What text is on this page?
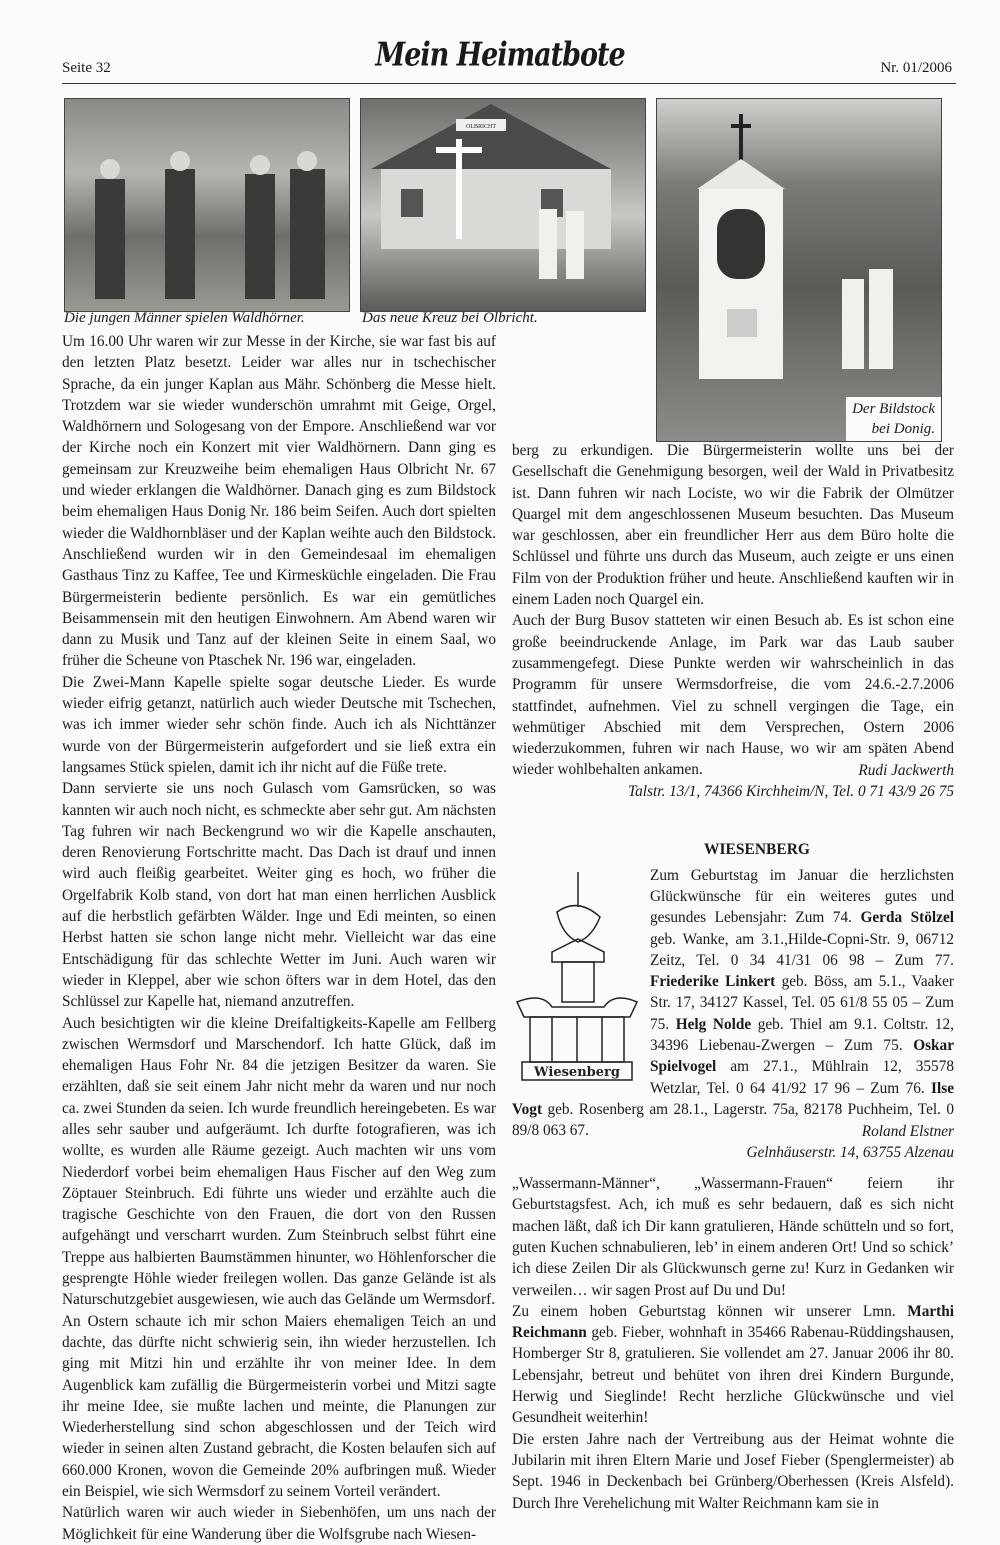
Seite 32	Mein Heimatbote	Nr. 01/2006
Die jungen Männer spielen Waldhörner.
OLBRICHT
Das neue Kreuz bei Olbricht.
Der Bildstock
bei Donig.

Um 16.00 Uhr waren wir zur Messe in der Kirche, sie war fast bis auf den letzten Platz besetzt. Leider war alles nur in tschechischer Sprache, da ein junger Kaplan aus Mähr. Schönberg die Messe hielt. Trotzdem war sie wieder wunderschön umrahmt mit Geige, Orgel, Waldhörnern und Sologesang von der Empore. Anschließend war vor der Kirche noch ein Konzert mit vier Waldhörnern. Dann ging es gemeinsam zur Kreuzweihe beim ehemaligen Haus Olbricht Nr. 67 und wieder erklangen die Waldhörner. Danach ging es zum Bildstock beim ehemaligen Haus Donig Nr. 186 beim Seifen. Auch dort spielten wieder die Waldhornbläser und der Kaplan weihte auch den Bildstock. Anschließend wurden wir in den Gemeindesaal im ehemaligen Gasthaus Tinz zu Kaffee, Tee und Kirmesküchle eingeladen. Die Frau Bürgermeisterin bediente persönlich. Es war ein gemütliches Beisammensein mit den heutigen Einwohnern. Am Abend waren wir dann zu Musik und Tanz auf der kleinen Seite in einem Saal, wo früher die Scheune von Ptaschek Nr. 196 war, eingeladen.

Die Zwei-Mann Kapelle spielte sogar deutsche Lieder. Es wurde wieder eifrig getanzt, natürlich auch wieder Deutsche mit Tschechen, was ich immer wieder sehr schön finde. Auch ich als Nichttänzer wurde von der Bürgermeisterin aufgefordert und sie ließ extra ein langsames Stück spielen, damit ich ihr nicht auf die Füße trete.

Dann servierte sie uns noch Gulasch vom Gamsrücken, so was kannten wir auch noch nicht, es schmeckte aber sehr gut. Am nächsten Tag fuhren wir nach Beckengrund wo wir die Kapelle anschauten, deren Renovierung Fortschritte macht. Das Dach ist drauf und innen wird auch fleißig gearbeitet. Weiter ging es hoch, wo früher die Orgelfabrik Kolb stand, von dort hat man einen herrlichen Ausblick auf die herbstlich gefärbten Wälder. Inge und Edi meinten, so einen Herbst hatten sie schon lange nicht mehr. Vielleicht war das eine Entschädigung für das schlechte Wetter im Juni. Auch waren wir wieder in Kleppel, aber wie schon öfters war in dem Hotel, das den Schlüssel zur Kapelle hat, niemand anzutreffen.

Auch besichtigten wir die kleine Dreifaltigkeits-Kapelle am Fellberg zwischen Wermsdorf und Marschendorf. Ich hatte Glück, daß im ehemaligen Haus Fohr Nr. 84 die jetzigen Besitzer da waren. Sie erzählten, daß sie seit einem Jahr nicht mehr da waren und nur noch ca. zwei Stunden da seien. Ich wurde freundlich hereingebeten. Es war alles sehr sauber und aufgeräumt. Ich durfte fotografieren, was ich wollte, es wurden alle Räume gezeigt. Auch machten wir uns vom Niederdorf vorbei beim ehemaligen Haus Fischer auf den Weg zum Zöptauer Steinbruch. Edi führte uns wieder und erzählte auch die tragische Geschichte von den Frauen, die dort von den Russen aufgehängt und verscharrt wurden. Zum Steinbruch selbst führt eine Treppe aus halbierten Baumstämmen hinunter, wo Höhlenforscher die gesprengte Höhle wieder freilegen wollen. Das ganze Gelände ist als Naturschutzgebiet ausgewiesen, wie auch das Gelände um Wermsdorf.

An Ostern schaute ich mir schon Maiers ehemaligen Teich an und dachte, das dürfte nicht schwierig sein, ihn wieder herzustellen. Ich ging mit Mitzi hin und erzählte ihr von meiner Idee. In dem Augenblick kam zufällig die Bürgermeisterin vorbei und Mitzi sagte ihr meine Idee, sie mußte lachen und meinte, die Planungen zur Wiederherstellung sind schon abgeschlossen und der Teich wird wieder in seinen alten Zustand gebracht, die Kosten belaufen sich auf 660.000 Kronen, wovon die Gemeinde 20% aufbringen muß. Wieder ein Beispiel, wie sich Wermsdorf zu seinem Vorteil verändert.

Natürlich waren wir auch wieder in Siebenhöfen, um uns nach der Möglichkeit für eine Wanderung über die Wolfsgrube nach Wiesen-

berg zu erkundigen. Die Bürgermeisterin wollte uns bei der Gesellschaft die Genehmigung besorgen, weil der Wald in Privatbesitz ist. Dann fuhren wir nach Lociste, wo wir die Fabrik der Olmützer Quargel mit dem angeschlossenen Museum besuchten. Das Museum war geschlossen, aber ein freundlicher Herr aus dem Büro holte die Schlüssel und führte uns durch das Museum, auch zeigte er uns einen Film von der Produktion früher und heute. Anschließend kauften wir in einem Laden noch Quargel ein.

Auch der Burg Busov statteten wir einen Besuch ab. Es ist schon eine große beeindruckende Anlage, im Park war das Laub sauber zusammengefegt. Diese Punkte werden wir wahrscheinlich in das Programm für unsere Wermsdorfreise, die vom 24.6.-2.7.2006 stattfindet, aufnehmen. Viel zu schnell vergingen die Tage, ein wehmütiger Abschied mit dem Versprechen, Ostern 2006 wiederzukommen, fuhren wir nach Hause, wo wir am späten Abend wieder wohlbehalten ankamen.	Rudi Jackwerth

Talstr. 13/1, 74366 Kirchheim/N, Tel. 0 71 43/9 26 75

WIESENBERG

Wiesenberg

Zum Geburtstag im Januar die herzlichsten Glückwünsche für ein weiteres gutes und gesundes Lebensjahr: Zum 74. Gerda Stölzel geb. Wanke, am 3.1.,Hilde-Copni-Str. 9, 06712 Zeitz, Tel. 0 34 41/31 06 98 – Zum 77. Friederike Linkert geb. Böss, am 5.1., Vaaker Str. 17, 34127 Kassel, Tel. 05 61/8 55 05 – Zum 75. Helg Nolde geb. Thiel am 9.1. Coltstr. 12, 34396 Liebenau-Zwergen – Zum 75. Oskar Spielvogel am 27.1., Mühlrain 12, 35578 Wetzlar, Tel. 0 64 41/92 17 96 – Zum 76. Ilse Vogt geb. Rosenberg am 28.1., Lagerstr. 75a, 82178 Puchheim, Tel. 0 89/8 063 67.	Roland Elstner

Gelnhäuserstr. 14, 63755 Alzenau

„Wassermann-Männer“, „Wassermann-Frauen“ feiern ihr Geburtstagsfest. Ach, ich muß es sehr bedauern, daß es sich nicht machen läßt, daß ich Dir kann gratulieren, Hände schütteln und so fort, guten Kuchen schnabulieren, leb’ in einem anderen Ort! Und so schick’ ich diese Zeilen Dir als Glückwunsch gerne zu! Kurz in Gedanken wir verweilen… wir sagen Prost auf Du und Du!

Zu einem hoben Geburtstag können wir unserer Lmn. Marthi Reichmann geb. Fieber, wohnhaft in 35466 Rabenau-Rüddingshausen, Homberger Str 8, gratulieren. Sie vollendet am 27. Januar 2006 ihr 80. Lebensjahr, betreut und behütet von ihren drei Kindern Burgunde, Herwig und Sieglinde! Recht herzliche Glückwünsche und viel Gesundheit weiterhin!

Die ersten Jahre nach der Vertreibung aus der Heimat wohnte die Jubilarin mit ihren Eltern Marie und Josef Fieber (Spenglermeister) ab Sept. 1946 in Deckenbach bei Grünberg/Oberhessen (Kreis Alsfeld). Durch Ihre Verehelichung mit Walter Reichmann kam sie in
